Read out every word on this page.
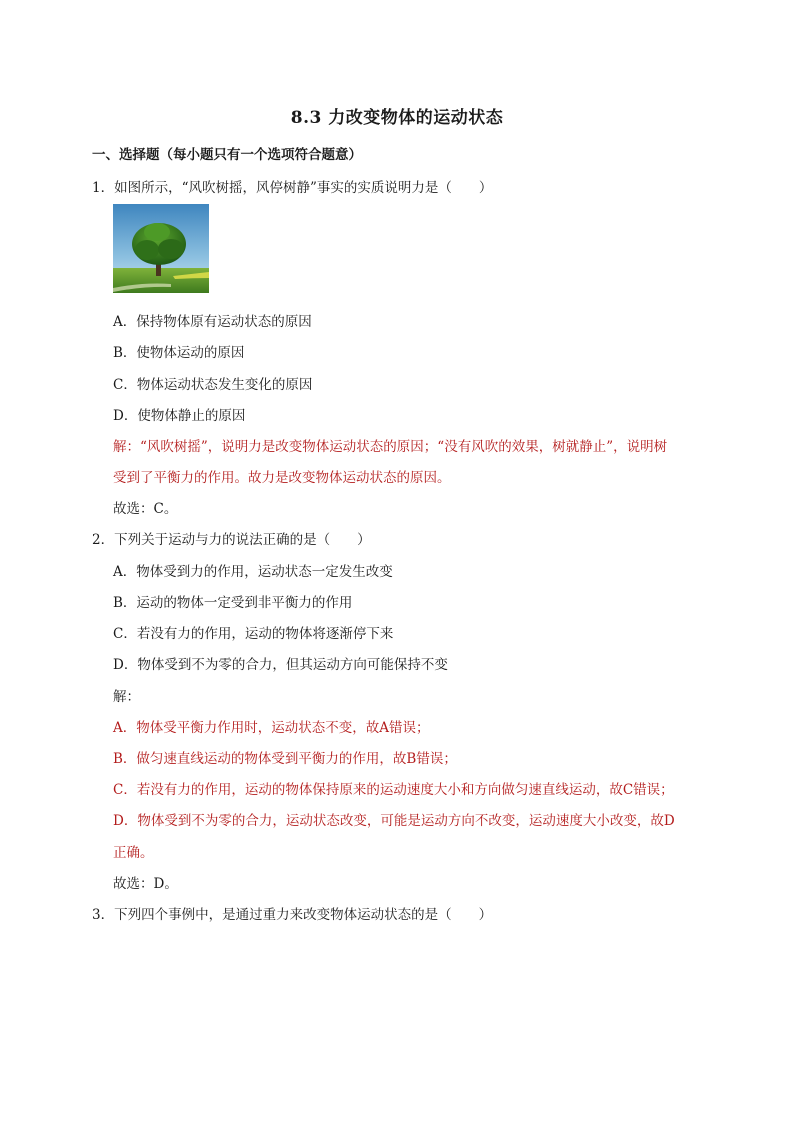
8.3 力改变物体的运动状态
一、选择题（每小题只有一个选项符合题意）
1．如图所示，“风吹树摇，风停树静”事实的实质说明力是（　　）
A．保持物体原有运动状态的原因
B．使物体运动的原因
C．物体运动状态发生变化的原因
D．使物体静止的原因
解：“风吹树摇”，说明力是改变物体运动状态的原因；“没有风吹的效果，树就静止”，说明树
受到了平衡力的作用。故力是改变物体运动状态的原因。
故选：C。
2．下列关于运动与力的说法正确的是（　　）
A．物体受到力的作用，运动状态一定发生改变
B．运动的物体一定受到非平衡力的作用
C．若没有力的作用，运动的物体将逐渐停下来
D．物体受到不为零的合力，但其运动方向可能保持不变
解：
A．物体受平衡力作用时，运动状态不变，故A错误；
B．做匀速直线运动的物体受到平衡力的作用，故B错误；
C．若没有力的作用，运动的物体保持原来的运动速度大小和方向做匀速直线运动，故C错误；
D．物体受到不为零的合力，运动状态改变，可能是运动方向不改变，运动速度大小改变，故D
正确。
故选：D。
3．下列四个事例中，是通过重力来改变物体运动状态的是（　　）
